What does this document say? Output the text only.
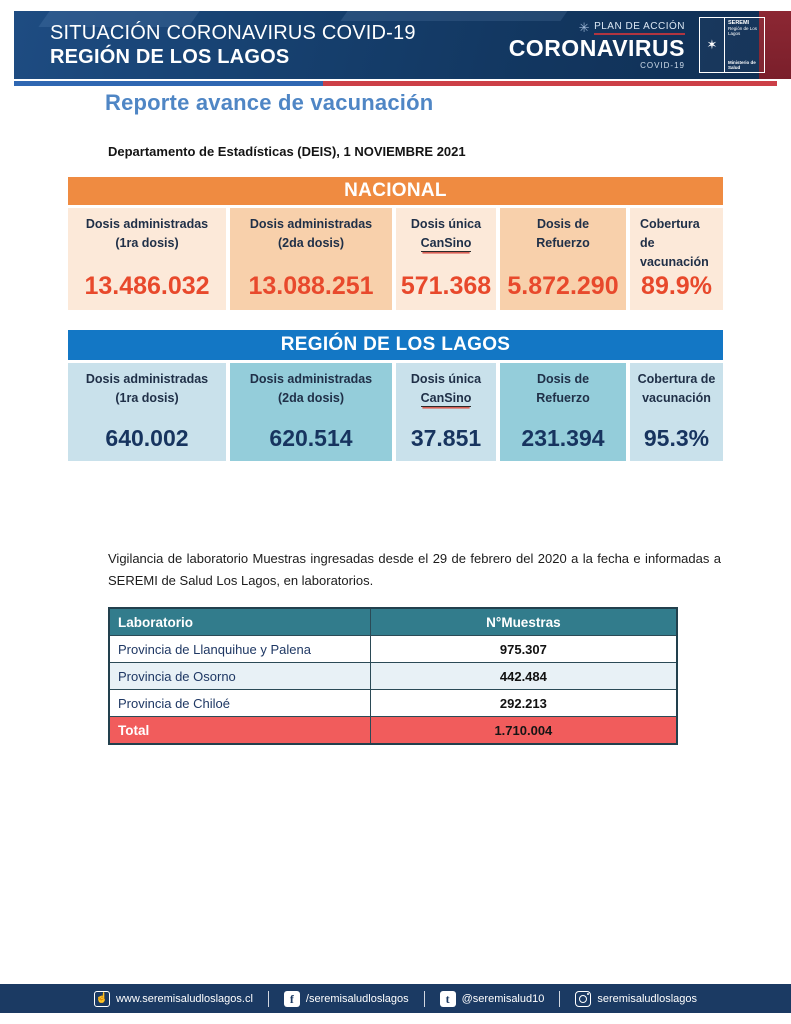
SITUACIÓN CORONAVIRUS COVID-19
REGIÓN DE LOS LAGOS
✳ PLAN DE ACCIÓN
CORONAVIRUS
COVID-19
✶
SEREMI
Región de Los Lagos
Ministerio de Salud
Reporte avance de vacunación
Departamento de Estadísticas (DEIS), 1 NOVIEMBRE 2021
NACIONAL
Dosis administradas
(1ra dosis)
13.486.032
Dosis administradas
(2da dosis)
13.088.251
Dosis única
CanSino
571.368
Dosis de
Refuerzo
5.872.290
Cobertura
de
vacunación
89.9%
REGIÓN DE LOS LAGOS
Dosis administradas
(1ra dosis)
640.002
Dosis administradas
(2da dosis)
620.514
Dosis única
CanSino
37.851
Dosis de
Refuerzo
231.394
Cobertura de
vacunación
95.3%
Vigilancia de laboratorio Muestras ingresadas desde el 29 de febrero del 2020 a la fecha e informadas a SEREMI de Salud Los Lagos, en laboratorios.
Laboratorio	N°Muestras
Provincia de Llanquihue y Palena	975.307
Provincia de Osorno	442.484
Provincia de Chiloé	292.213
Total	1.710.004
☝ www.seremisaludloslagos.cl	f	/seremisaludloslagos	t	@seremisalud10	seremisaludloslagos
